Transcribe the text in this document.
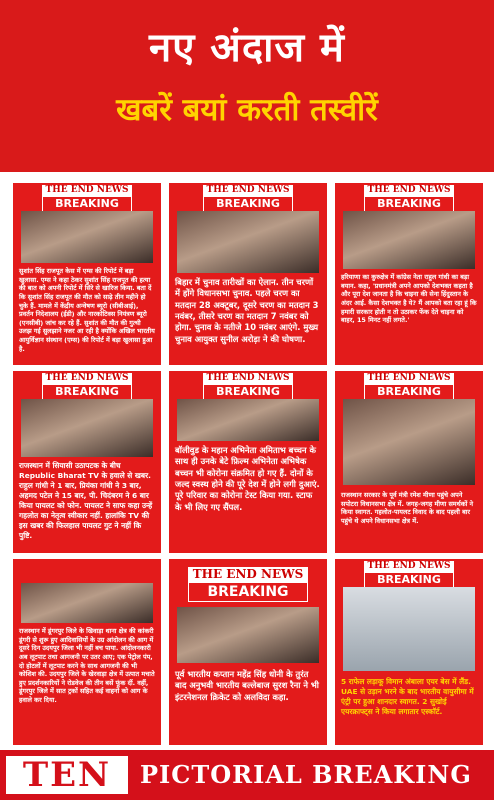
नए अंदाज में
खबरें बयां करती तस्वीरें
THE END NEWS
BREAKING
सुशांत सिंह राजपूत केस में एम्स की रिपोर्ट में बड़ा खुलासा. एम्स ने कहा ठेकर सुशांत सिंह राजपूत की हत्या की बात को अपनी रिपोर्ट में सिरे से खारिज किया. बता दें कि सुशांत सिंह राजपूत की मौत को साढ़े तीन महीने हो चुके हैं. मामले में केंद्रीय अन्वेषण ब्यूरो (सीबीआई), प्रवर्तन निदेशालय (ईडी) और नारकोटिक्स नियंत्रण ब्यूरो (एनसीबी) जांच कर रहे हैं. सुशांत की मौत की गुत्थी उलझ गई सुलझाने नजर आ रही है क्योंकि अखिल भारतीय आयुर्विज्ञान संस्थान (एम्स) की रिपोर्ट में बड़ा खुलासा हुआ है.
THE END NEWS
BREAKING
बिहार में चुनाव तारीखों का ऐलान. तीन चरणों में होंगे विधानसभा चुनाव. पहले चरण का मतदान 28 अक्टूबर, दूसरे चरण का मतदान 3 नवंबर, तीसरे चरण का मतदान 7 नवंबर को होगा. चुनाव के नतीजे 10 नवंबर आएंगे. मुख्य चुनाव आयुक्त सुनील अरोड़ा ने की घोषणा.
THE END NEWS
BREAKING
हरियाणा का कुरुक्षेत्र में कांग्रेस नेता राहुल गांधी का बड़ा बयान. कहा, 'प्रधानमंत्री अपने आपको देशभक्त कहता है और पूरा देश जानता है कि चाइना की सेना हिंदुस्तान के अंदर आई. कैसा देशभक्त है ये? मैं आपको बता रहा हूं कि हमारी सरकार होती न तो उठाकर फेंक देते चाइना को बाहर, 15 मिनट नहीं लगते.'
THE END NEWS
BREAKING
राजस्थान में सियासी उठापटक के बीच Republic Bharat TV के हवाले से खबर. राहुल गांधी ने 1 बार, प्रियंका गांधी ने 3 बार, अहमद पटेल ने 15 बार, पी. चिदंबरम ने 6 बार किया पायलट को फोन. पायलट ने साफ कहा उन्हें गहलोत का नेतृत्व स्वीकार नहीं. हालांकि TV की इस खबर की फिलहाल पायलट गुट ने नहीं कि पुष्टि.
THE END NEWS
BREAKING
बॉलीवुड के महान अभिनेता अमिताभ बच्चन के साथ ही उनके बेटे फ़िल्म अभिनेता अभिषेक बच्चन भी कोरोना संक्रमित हो गए हैं. दोनों के जल्द स्वस्थ होने की पूरे देश में होने लगी दुआएं. पूरे परिवार का कोरोना टेस्ट किया गया. स्टाफ के भी लिए गए सैंपल.
THE END NEWS
BREAKING
राजस्थान सरकार के पूर्व मंत्री रमेश मीणा पहुंचे अपने सपोटरा विधानसभा क्षेत्र में. जगह-जगह मीणा समर्थकों ने किया स्वागत. गहलोत-पायलट विवाद के बाद पहली बार पहुंचे थे अपने विधानसभा क्षेत्र में.
राजस्थान में डूंगरपुर जिले के खिवाड़ा थाना क्षेत्र की कांकरी डूंगरी से शुरू हुए आदिवासियों के उग्र आंदोलन की आग में दूसरे दिन उदयपुर जिला भी नहीं बच पाया. आंदोलनकारी अब लूटपाट तथा आगजनी पर उतर आए; एक पेट्रोल पंप, दो होटलों में लूटपाट करने के साथ आगजनी की भी कोशिश की. उदयपुर जिले के खेरवाड़ा क्षेत्र में उत्पात मचाते हुए प्रदर्शनकारियों ने रोडवेज की तीन बसें फूंक दीं. वहीं, डूंगरपुर जिले में सात ट्रकों सहित कई वाहनों को आग के हवाले कर दिया.
THE END NEWS
BREAKING
पूर्व भारतीय कप्तान महेंद्र सिंह धोनी के तुरंत बाद अनुभवी भारतीय बल्लेबाज सुरश रैना ने भी इंटरनेशनल क्रिकेट को अलविदा कहा.
THE END NEWS
BREAKING
5 राफेल लड़ाकू विमान अंबाला एयर बेस में लैंड. UAE से उड़ान भरने के बाद भारतीय वायुसीमा में एंट्री पर हुआ शानदार स्वागत. 2 सुखोई एयरक्राफ्ट्स ने किया लगातार एस्कॉर्ट.
TEN	PICTORIAL BREAKING
